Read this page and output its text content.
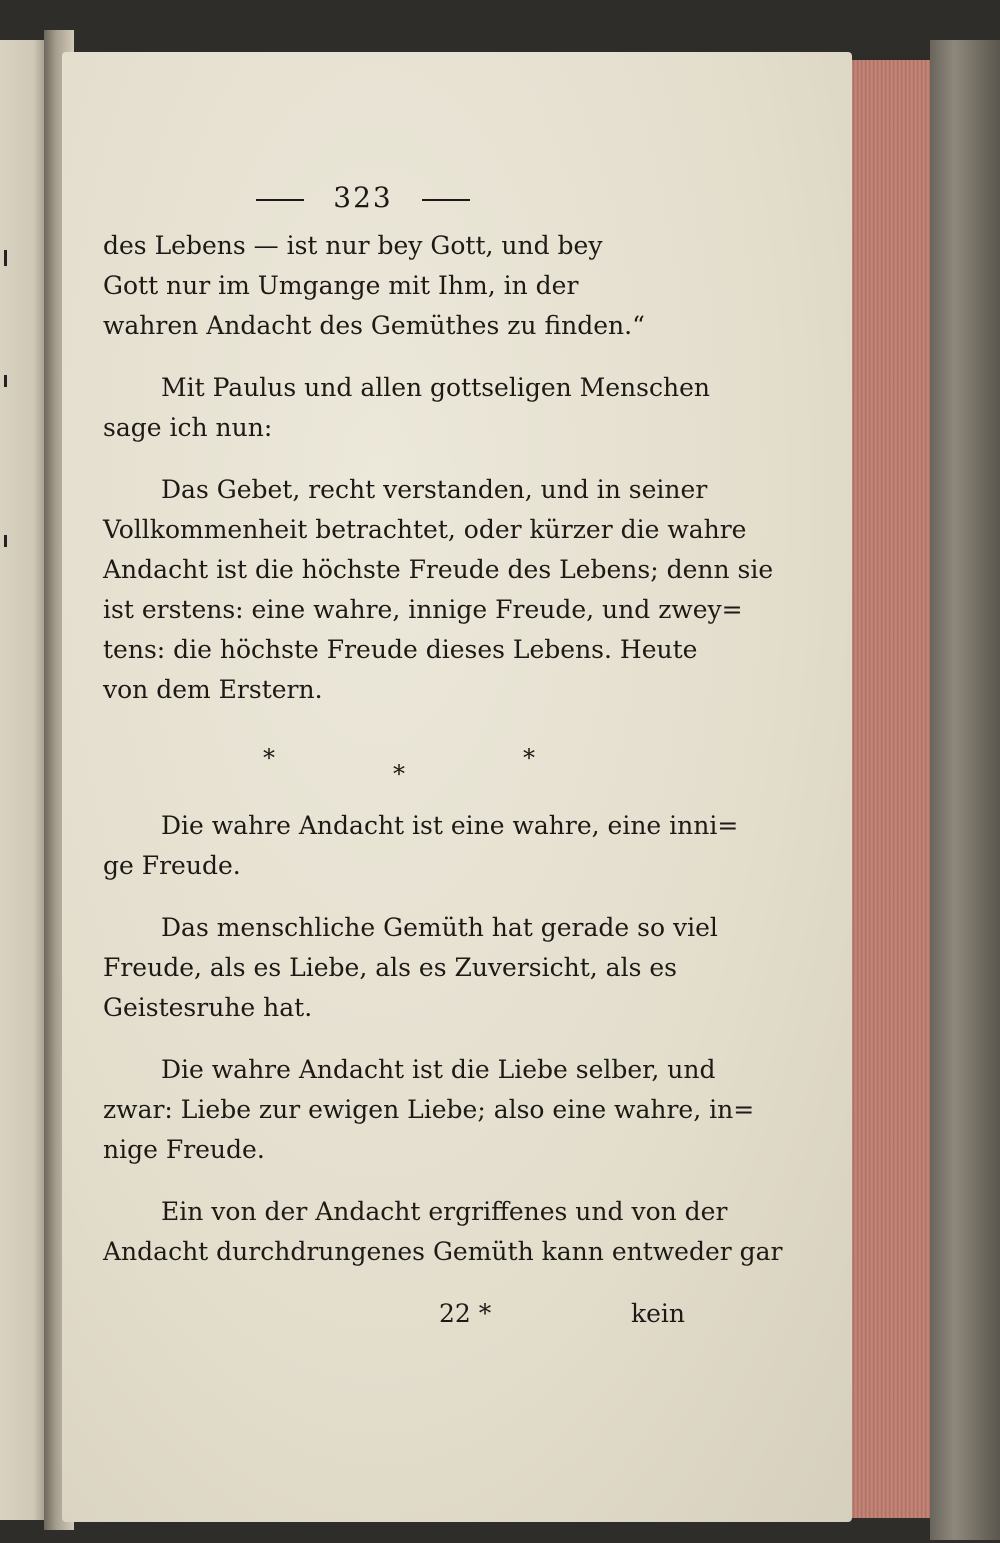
323
des Lebens — ist nur bey Gott, und bey
Gott nur im Umgange mit Ihm, in der
wahren Andacht des Gemüthes zu finden.“
Mit Paulus und allen gottseligen Menschen
sage ich nun:
Das Gebet, recht verstanden, und in seiner
Vollkommenheit betrachtet, oder kürzer die wahre
Andacht ist die höchste Freude des Lebens; denn sie
ist erstens: eine wahre, innige Freude, und zwey=
tens: die höchste Freude dieses Lebens. Heute
von dem Erstern.
*
*
*
Die wahre Andacht ist eine wahre, eine inni=
ge Freude.
Das menschliche Gemüth hat gerade so viel
Freude, als es Liebe, als es Zuversicht, als es
Geistesruhe hat.
Die wahre Andacht ist die Liebe selber, und
zwar: Liebe zur ewigen Liebe; also eine wahre, in=
nige Freude.
Ein von der Andacht ergriffenes und von der
Andacht durchdrungenes Gemüth kann entweder gar
22 *	kein
